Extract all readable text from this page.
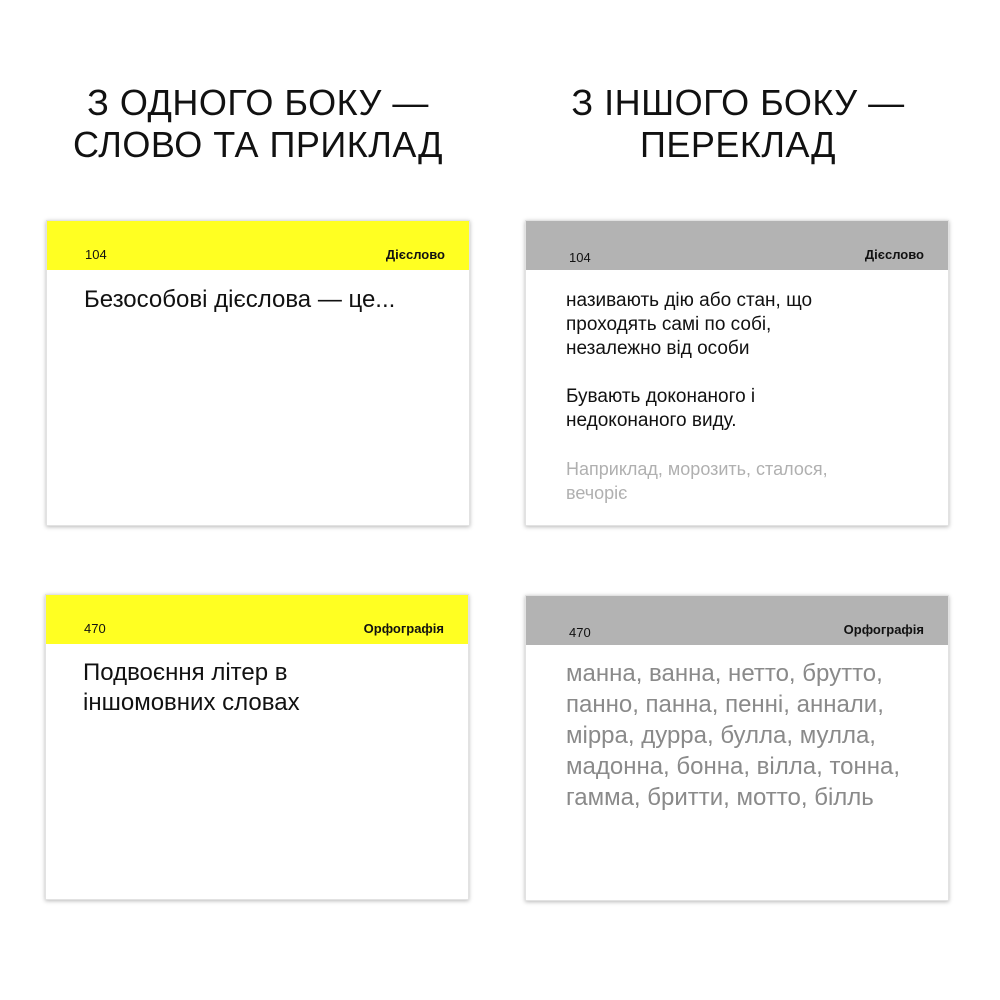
З ОДНОГО БОКУ —
СЛОВО ТА ПРИКЛАД
З ІНШОГО БОКУ —
ПЕРЕКЛАД
104	Дієслово
Безособові дієслова — це...
104	Дієслово
називають дію або стан, що
проходять самі по собі,
незалежно від особи
Бувають доконаного і
недоконаного виду.
Наприклад, морозить, сталося,
вечоріє
470	Орфографія
Подвоєння літер в
іншомовних словах
470	Орфографія
манна, ванна, нетто, брутто,
панно, панна, пенні, аннали,
мірра, дурра, булла, мулла,
мадонна, бонна, вілла, тонна,
гамма, бритти, мотто, білль
